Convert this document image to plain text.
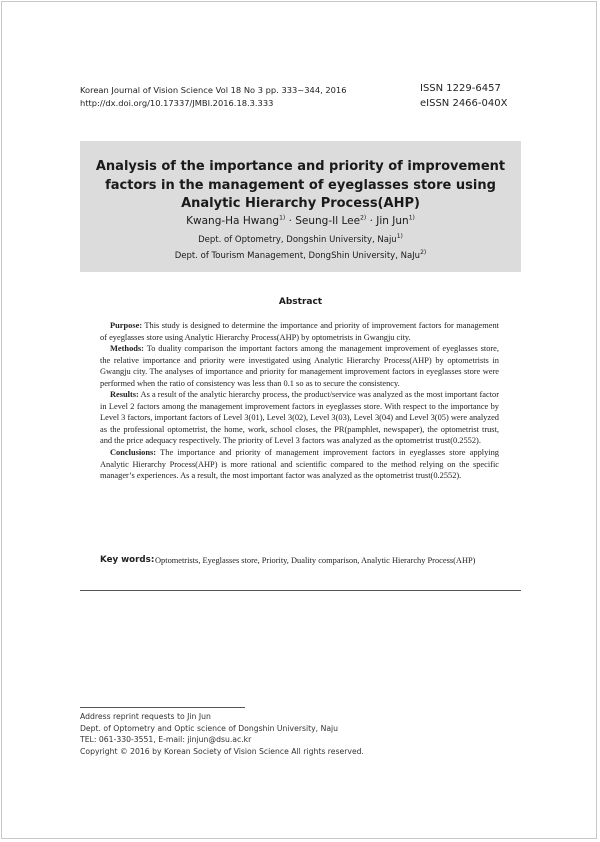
Korean Journal of Vision Science Vol 18 No 3 pp. 333~344, 2016
http://dx.doi.org/10.17337/JMBI.2016.18.3.333
ISSN 1229-6457
eISSN 2466-040X
Analysis of the importance and priority of improvement
factors in the management of eyeglasses store using
Analytic Hierarchy Process(AHP)
Kwang-Ha Hwang$^{1)}$ · Seung-Il Lee$^{2)}$ · Jin Jun$^{1)}$
Dept. of Optometry, Dongshin University, Naju$^{1)}$
Dept. of Tourism Management, DongShin University, NaJu$^{2)}$
Abstract

Purpose: This study is designed to determine the importance and priority of improvement factors for management of eyeglasses store using Analytic Hierarchy Process(AHP) by optometrists in Gwangju city.

Methods: To duality comparison the important factors among the management improvement of eyeglasses store, the relative importance and priority were investigated using Analytic Hierarchy Process(AHP) by optometrists in Gwangju city. The analyses of importance and priority for management improvement factors in eyeglasses store were performed when the ratio of consistency was less than 0.1 so as to secure the consistency.

Results: As a result of the analytic hierarchy process, the product/service was analyzed as the most important factor in Level 2 factors among the management improvement factors in eyeglasses store. With respect to the importance by Level 3 factors, important factors of Level 3(01), Level 3(02), Level 3(03), Level 3(04) and Level 3(05) were analyzed as the professional optometrist, the home, work, school closes, the PR(pamphlet, newspaper), the optometrist trust, and the price adequacy respectively. The priority of Level 3 factors was analyzed as the optometrist trust(0.2552).

Conclusions: The importance and priority of management improvement factors in eyeglasses store applying Analytic Hierarchy Process(AHP) is more rational and scientific compared to the method relying on the specific manager’s experiences. As a result, the most important factor was analyzed as the optometrist trust(0.2552).

Key words: Optometrists, Eyeglasses store, Priority, Duality comparison, Analytic Hierarchy Process(AHP)
Address reprint requests to Jin Jun
Dept. of Optometry and Optic science of Dongshin University, Naju
TEL: 061-330-3551, E-mail: jinjun@dsu.ac.kr
Copyright © 2016 by Korean Society of Vision Science All rights reserved.
